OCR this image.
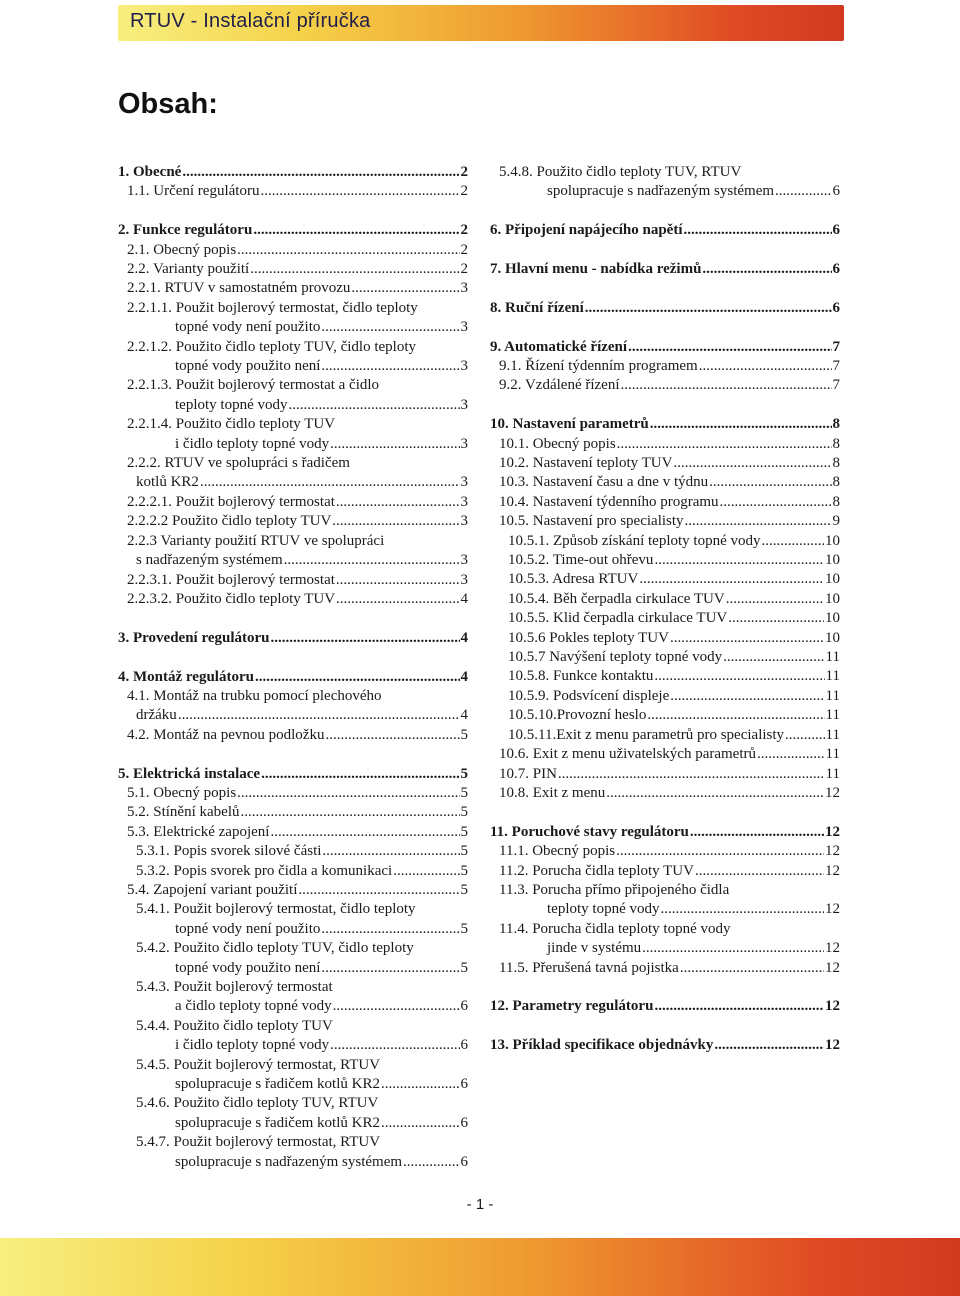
RTUV - Instalační příručka
Obsah:
1. Obecné .....	2
1.1. Určení regulátoru .....	2
2. Funkce regulátoru .....	2
2.1. Obecný popis .....	2
2.2. Varianty použití .....	2
2.2.1. RTUV v samostatném provozu .....	3
2.2.1.1. Použit bojlerový termostat, čidlo teploty
topné vody není použito .....	3
2.2.1.2. Použito čidlo teploty TUV, čidlo teploty
topné vody použito není .....	3
2.2.1.3. Použit bojlerový termostat a čidlo
teploty topné vody .....	3
2.2.1.4. Použito čidlo teploty TUV
i čidlo teploty topné vody .....	3
2.2.2. RTUV ve spolupráci s řadičem
kotlů KR2 .....	3
2.2.2.1. Použit bojlerový termostat .....	3
2.2.2.2 Použito čidlo teploty TUV .....	3
2.2.3 Varianty použití RTUV ve spolupráci
s nadřazeným systémem .....	3
2.2.3.1. Použit bojlerový termostat .....	3
2.2.3.2. Použito čidlo teploty TUV .....	4
3. Provedení regulátoru .....	4
4. Montáž regulátoru .....	4
4.1. Montáž na trubku pomocí plechového
držáku .....	4
4.2. Montáž na pevnou podložku .....	5
5. Elektrická instalace .....	5
5.1. Obecný popis .....	5
5.2. Stínění kabelů .....	5
5.3. Elektrické zapojení .....	5
5.3.1. Popis svorek silové části .....	5
5.3.2. Popis svorek pro čidla a komunikaci .....	5
5.4. Zapojení variant použití .....	5
5.4.1. Použit bojlerový termostat, čidlo teploty
topné vody není použito .....	5
5.4.2. Použito čidlo teploty TUV, čidlo teploty
topné vody použito není .....	5
5.4.3. Použit bojlerový termostat
a čidlo teploty topné vody .....	6
5.4.4. Použito čidlo teploty TUV
i čidlo teploty topné vody .....	6
5.4.5. Použit bojlerový termostat, RTUV
spolupracuje s řadičem kotlů KR2 .....	6
5.4.6. Použito čidlo teploty TUV, RTUV
spolupracuje s řadičem kotlů KR2 .....	6
5.4.7. Použit bojlerový termostat, RTUV
spolupracuje s nadřazeným systémem .....	6
5.4.8. Použito čidlo teploty TUV, RTUV
spolupracuje s nadřazeným systémem .....	6
6. Připojení napájecího napětí .....	6
7. Hlavní menu - nabídka režimů .....	6
8. Ruční řízení .....	6
9. Automatické řízení .....	7
9.1. Řízení týdenním programem .....	7
9.2. Vzdálené řízení .....	7
10. Nastavení parametrů .....	8
10.1. Obecný popis .....	8
10.2. Nastavení teploty TUV .....	8
10.3. Nastavení času a dne v týdnu .....	8
10.4. Nastavení týdenního programu .....	8
10.5. Nastavení pro specialisty .....	9
10.5.1. Způsob získání teploty topné vody .....	10
10.5.2. Time-out ohřevu .....	10
10.5.3. Adresa RTUV .....	10
10.5.4. Běh čerpadla cirkulace TUV .....	10
10.5.5. Klid čerpadla cirkulace TUV .....	10
10.5.6 Pokles teploty TUV .....	10
10.5.7 Navýšení teploty topné vody .....	11
10.5.8. Funkce kontaktu .....	11
10.5.9. Podsvícení displeje .....	11
10.5.10.Provozní heslo .....	11
10.5.11.Exit z menu parametrů pro specialisty .....	11
10.6. Exit z menu uživatelských parametrů .....	11
10.7. PIN .....	11
10.8. Exit z menu .....	12
11. Poruchové stavy regulátoru .....	12
11.1. Obecný popis .....	12
11.2. Porucha čidla teploty TUV .....	12
11.3. Porucha přímo připojeného čidla
teploty topné vody .....	12
11.4. Porucha čidla teploty topné vody
jinde v systému .....	12
11.5. Přerušená tavná pojistka .....	12
12. Parametry regulátoru .....	12
13. Příklad specifikace objednávky .....	12
- 1 -
